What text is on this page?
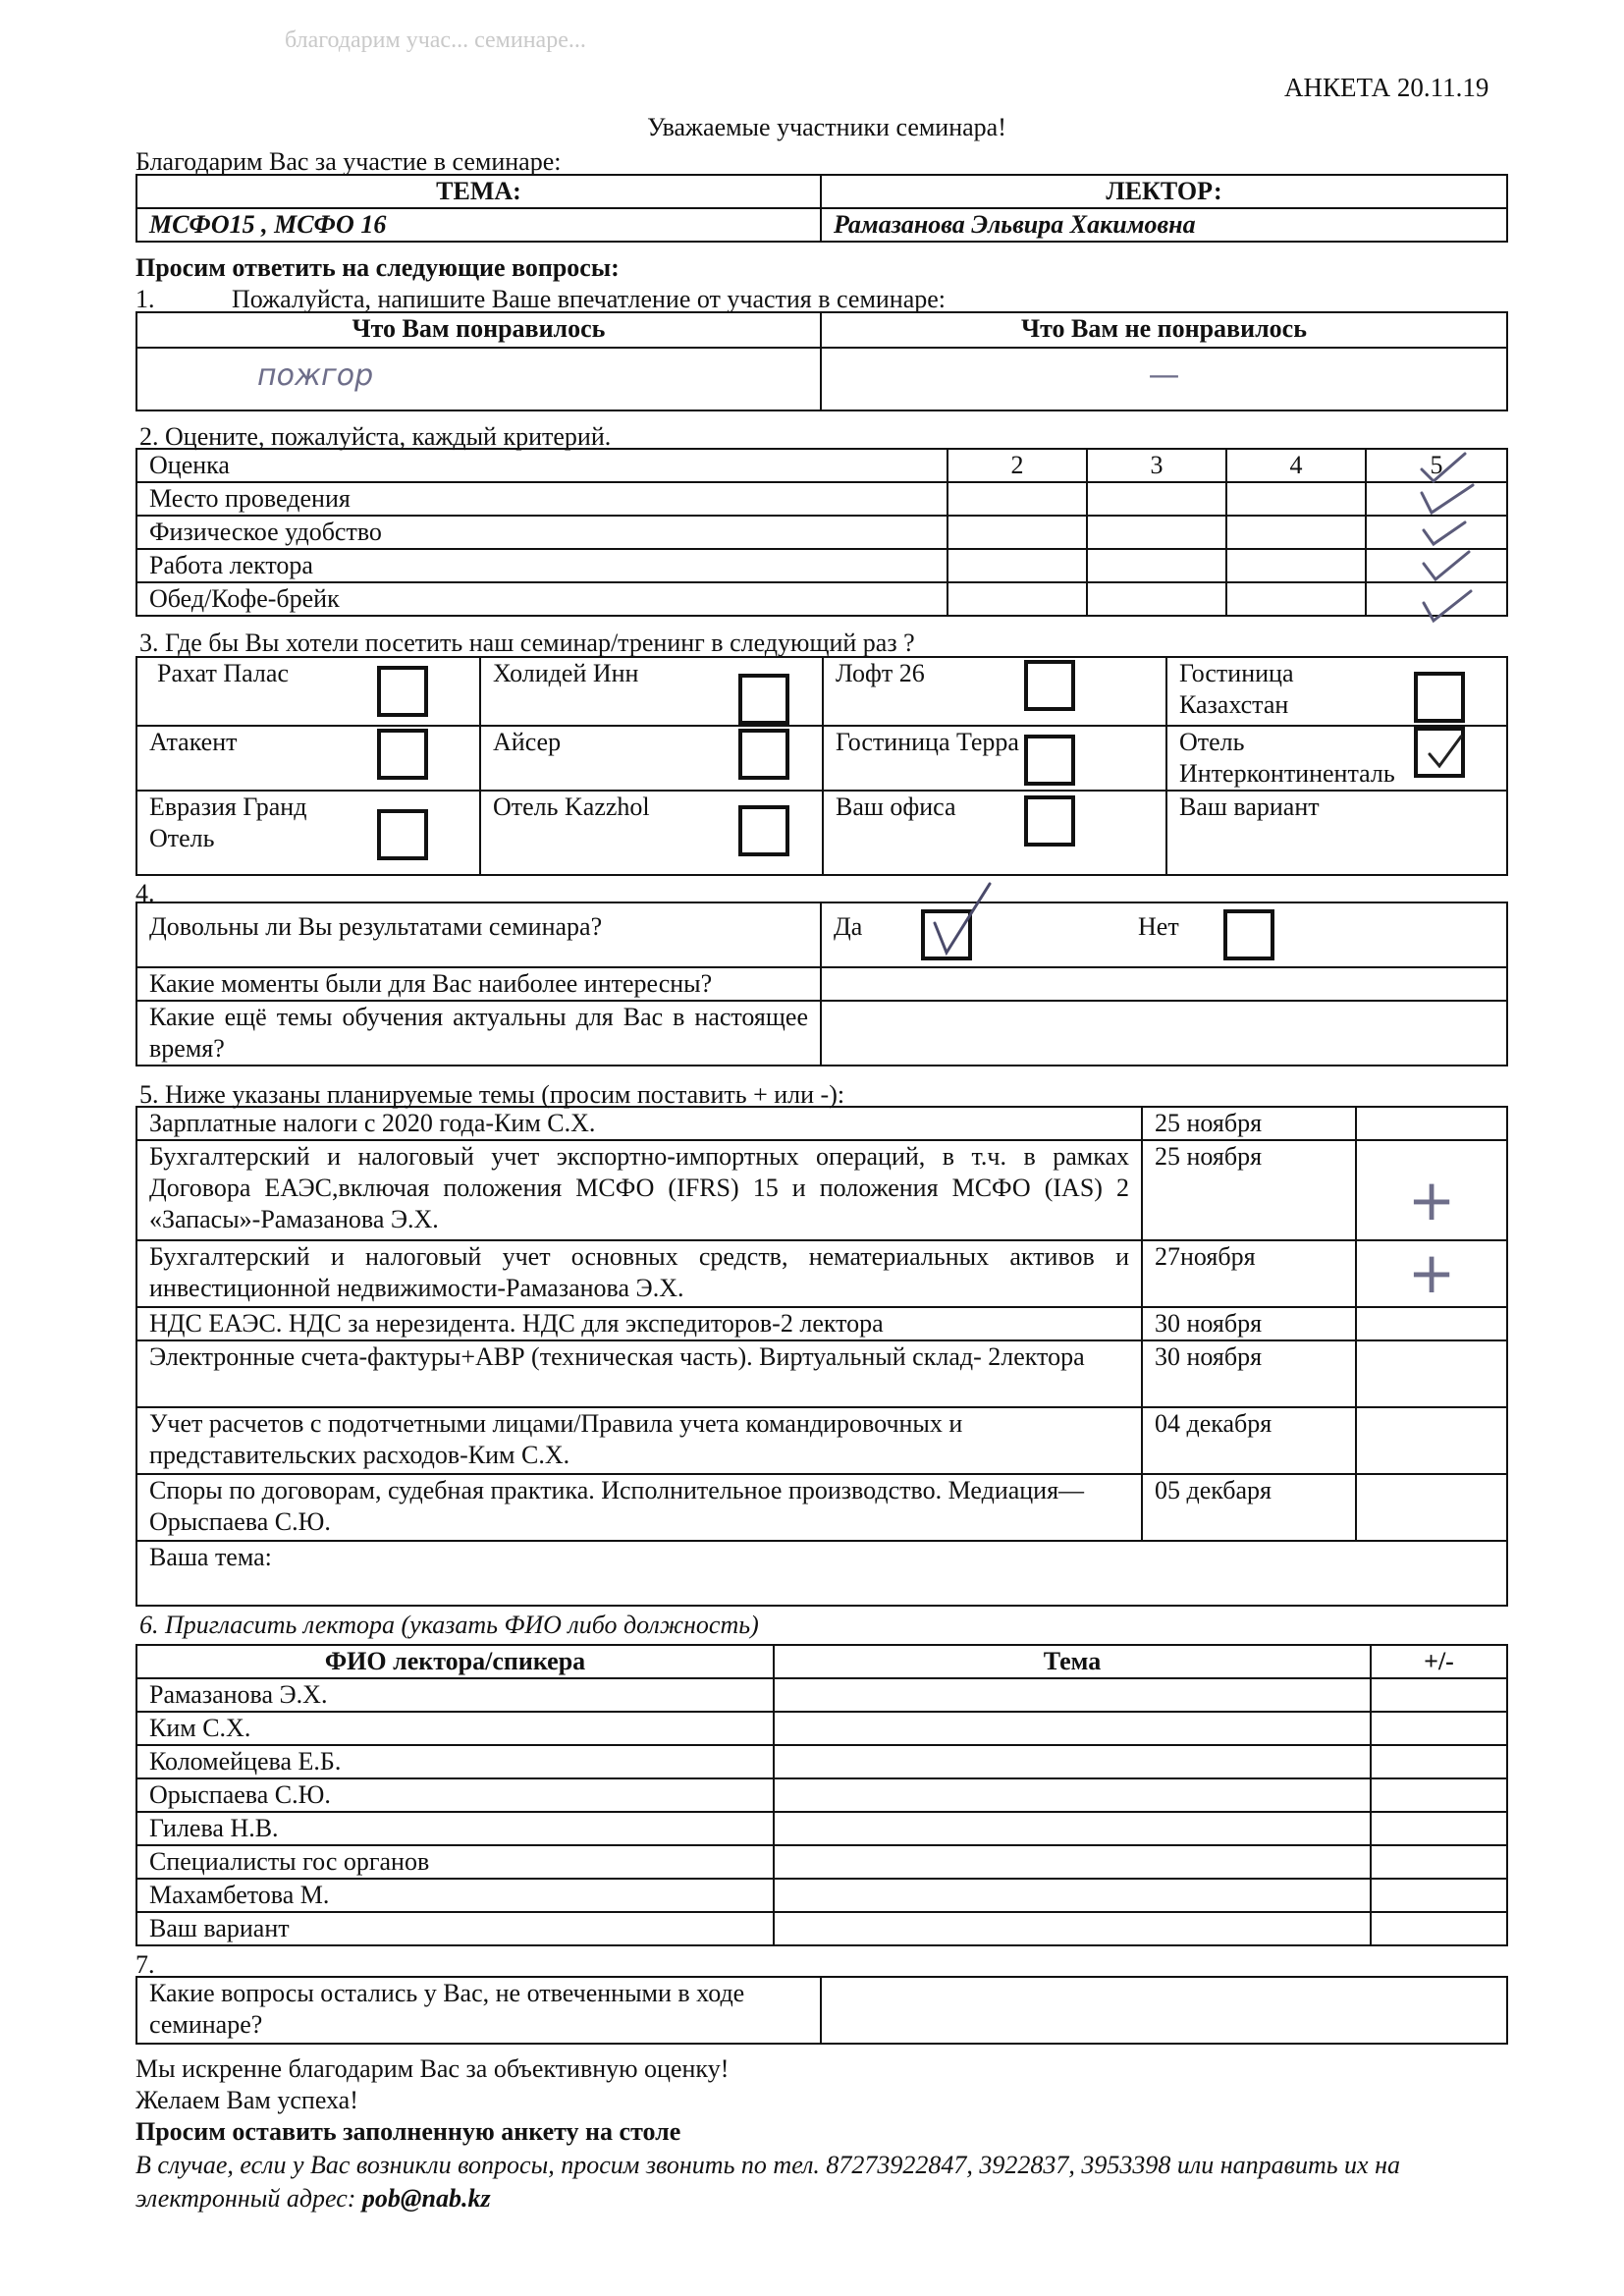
благодарим учас... семинаре...
АНКЕТА 20.11.19
Уважаемые участники семинара!
Благодарим Вас за участие в семинаре:
ТЕМА:	ЛЕКТОР:
МСФО15 , МСФО 16	Рамазанова Эльвира Хакимовна
Просим ответить на следующие вопросы:
1.	Пожалуйста, напишите Ваше впечатление от участия в семинаре:
Что Вам понравилось	Что Вам не понравилось
пожгор	—
2. Оцените, пожалуйста, каждый критерий.
Оценка	2	3	4	5
Место проведения				
Физическое удобство				
Работа лектора				
Обед/Кофе-брейк				
3. Где бы Вы хотели посетить наш семинар/тренинг в следующий раз ?
Рахат Палас	Холидей Инн	Лофт 26	Гостиница Казахстан
Атакент	Айсер	Гостиница Терра	Отель Интерконтиненталь
Евразия Гранд Отель	Отель Kazzhol	Ваш офиса	Ваш вариант
4.
Довольны ли Вы результатами семинара?	Да Нет

Какие моменты были для Вас наиболее интересны?	
Какие ещё темы обучения актуальны для Вас в настоящее время?	
5. Ниже указаны планируемые темы (просим поставить + или -):
Зарплатные налоги с 2020 года-Ким С.Х.	25 ноября	
Бухгалтерский и налоговый учет экспортно-импортных операций, в т.ч. в рамках Договора ЕАЭС,включая положения МСФО (IFRS) 15 и положения МСФО (IAS) 2 «Запасы»-Рамазанова Э.Х.	25 ноября	+
Бухгалтерский и налоговый учет основных средств, нематериальных активов и инвестиционной недвижимости-Рамазанова Э.Х.	27ноября	+
НДС ЕАЭС. НДС за нерезидента. НДС для экспедиторов-2 лектора	30 ноября	
Электронные счета-фактуры+АВР (техническая часть). Виртуальный склад- 2лектора	30 ноября	
Учет расчетов с подотчетными лицами/Правила учета командировочных и представительских расходов-Ким С.Х.	04 декабря	
Споры по договорам, судебная практика. Исполнительное производство. Медиация—Орыспаева С.Ю.	05 декбаря	
Ваша тема:		
6. Пригласить лектора (указать ФИО либо должность)
ФИО лектора/спикера	Тема	+/-
Рамазанова Э.Х.		
Ким С.Х.		
Коломейцева Е.Б.		
Орыспаева С.Ю.		
Гилева Н.В.		
Специалисты гос органов		
Махамбетова М.		
Ваш вариант		
7.
Какие вопросы остались у Вас, не отвеченными в ходе семинаре?	
Мы искренне благодарим Вас за объективную оценку!
Желаем Вам успеха!
Просим оставить заполненную анкету на столе
В случае, если у Вас возникли вопросы, просим звонить по тел. 87273922847, 3922837, 3953398 или направить их на электронный адрес: pob@nab.kz
